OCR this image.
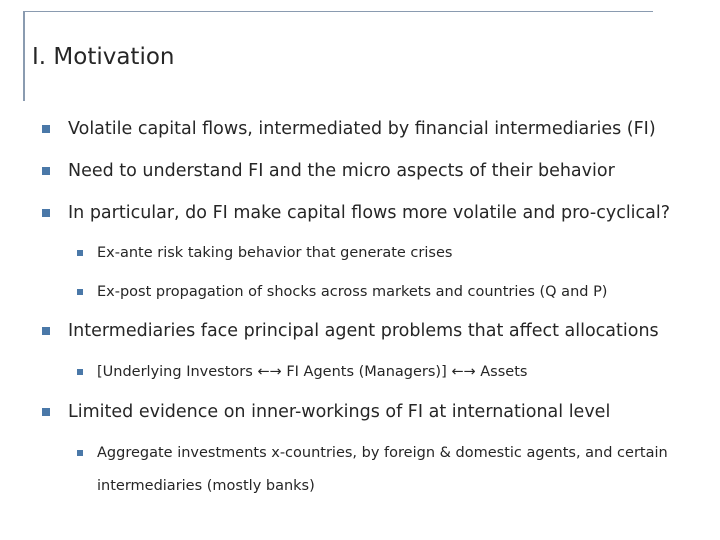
I. Motivation
Volatile capital flows, intermediated by financial intermediaries (FI)
Need to understand FI and the micro aspects of their behavior
In particular, do FI make capital flows more volatile and pro-cyclical?
Ex-ante risk taking behavior that generate crises
Ex-post propagation of shocks across markets and countries (Q and P)
Intermediaries face principal agent problems that affect allocations
[Underlying Investors ←→ FI Agents (Managers)] ←→ Assets
Limited evidence on inner-workings of FI at international level
Aggregate investments x-countries, by foreign & domestic agents, and certain
intermediaries (mostly banks)
